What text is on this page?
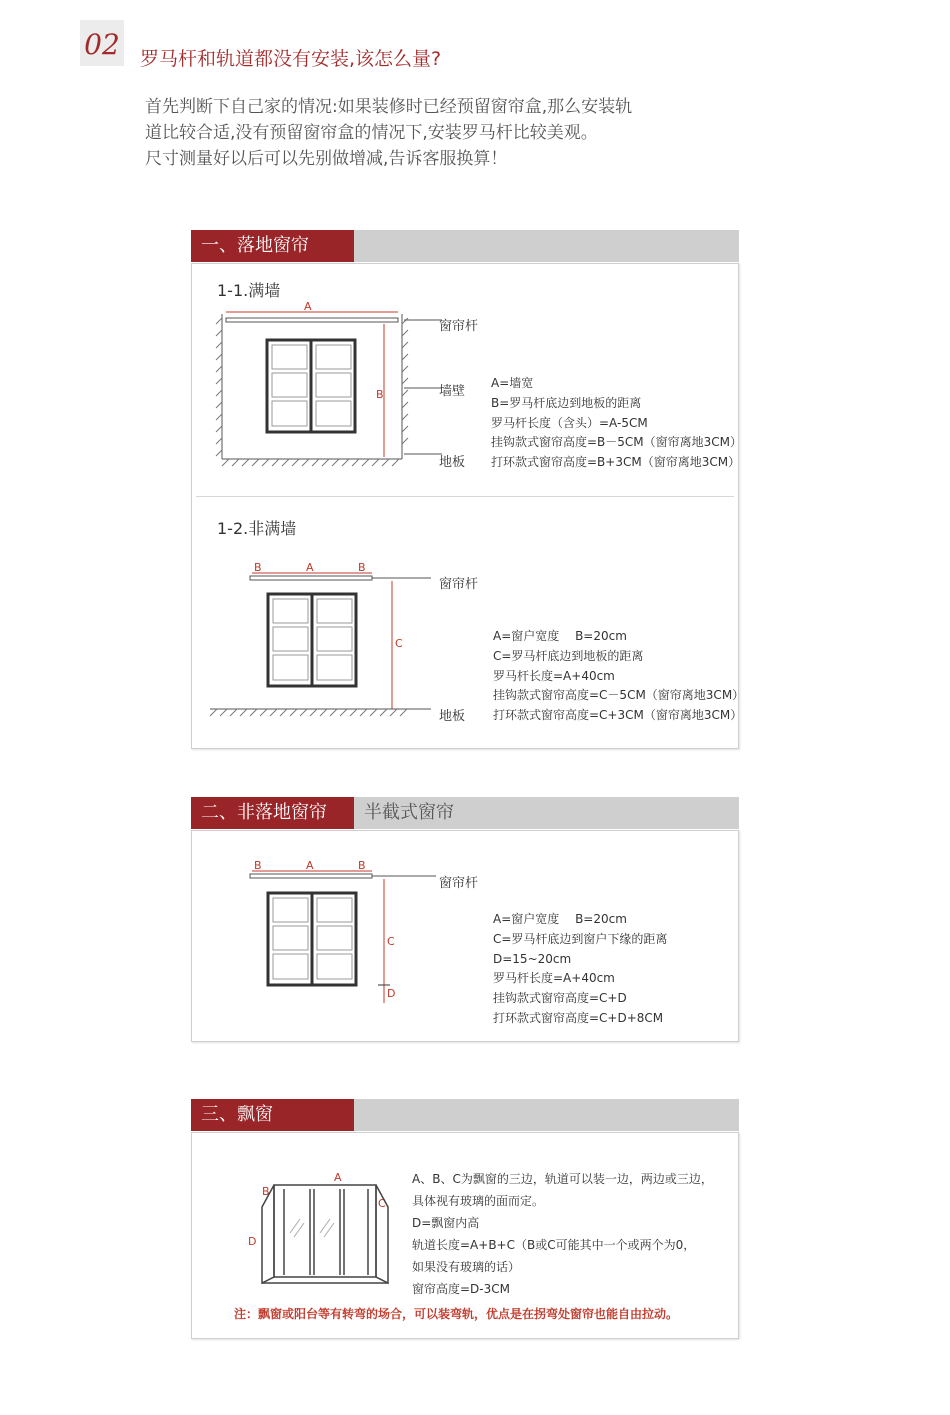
02 罗马杆和轨道都没有安装,该怎么量?
首先判断下自己家的情况:如果装修时已经预留窗帘盒,那么安装轨
道比较合适,没有预留窗帘盒的情况下,安装罗马杆比较美观。
尺寸测量好以后可以先别做增减,告诉客服换算！
一、落地窗帘
1-1.满墙
A
B
窗帘杆
墙壁
地板
A=墙宽
B=罗马杆底边到地板的距离
罗马杆长度（含头）=A-5CM
挂钩款式窗帘高度=B－5CM（窗帘离地3CM）
打环款式窗帘高度=B+3CM（窗帘离地3CM）
1-2.非满墙
B	A	B
C
窗帘杆
地板
A=窗户宽度　 B=20cm
C=罗马杆底边到地板的距离
罗马杆长度=A+40cm
挂钩款式窗帘高度=C－5CM（窗帘离地3CM）
打环款式窗帘高度=C+3CM（窗帘离地3CM）
二、非落地窗帘	半截式窗帘
B	A	B
C
D
窗帘杆
A=窗户宽度　 B=20cm
C=罗马杆底边到窗户下缘的距离
D=15~20cm
罗马杆长度=A+40cm
挂钩款式窗帘高度=C+D
打环款式窗帘高度=C+D+8CM
三、飘窗
A
B
C
D
A、B、C为飘窗的三边，轨道可以装一边，两边或三边，
具体视有玻璃的面而定。
D=飘窗内高
轨道长度=A+B+C（B或C可能其中一个或两个为0，
如果没有玻璃的话）
窗帘高度=D-3CM
注：飘窗或阳台等有转弯的场合，可以装弯轨，优点是在拐弯处窗帘也能自由拉动。
